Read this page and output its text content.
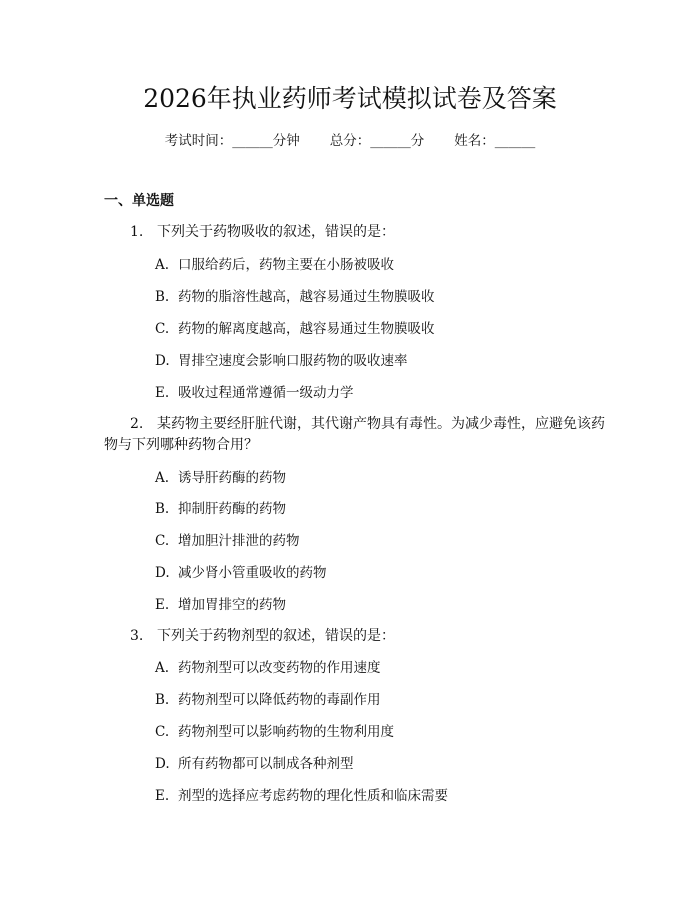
2026年执业药师考试模拟试卷及答案
考试时间：______分钟 总分：______分 姓名：______
一、单选题
1. 下列关于药物吸收的叙述，错误的是：
A. 口服给药后，药物主要在小肠被吸收
B. 药物的脂溶性越高，越容易通过生物膜吸收
C. 药物的解离度越高，越容易通过生物膜吸收
D. 胃排空速度会影响口服药物的吸收速率
E. 吸收过程通常遵循一级动力学
2. 某药物主要经肝脏代谢，其代谢产物具有毒性。为减少毒性，应避免该药
物与下列哪种药物合用？
A. 诱导肝药酶的药物
B. 抑制肝药酶的药物
C. 增加胆汁排泄的药物
D. 减少肾小管重吸收的药物
E. 增加胃排空的药物
3. 下列关于药物剂型的叙述，错误的是：
A. 药物剂型可以改变药物的作用速度
B. 药物剂型可以降低药物的毒副作用
C. 药物剂型可以影响药物的生物利用度
D. 所有药物都可以制成各种剂型
E. 剂型的选择应考虑药物的理化性质和临床需要
